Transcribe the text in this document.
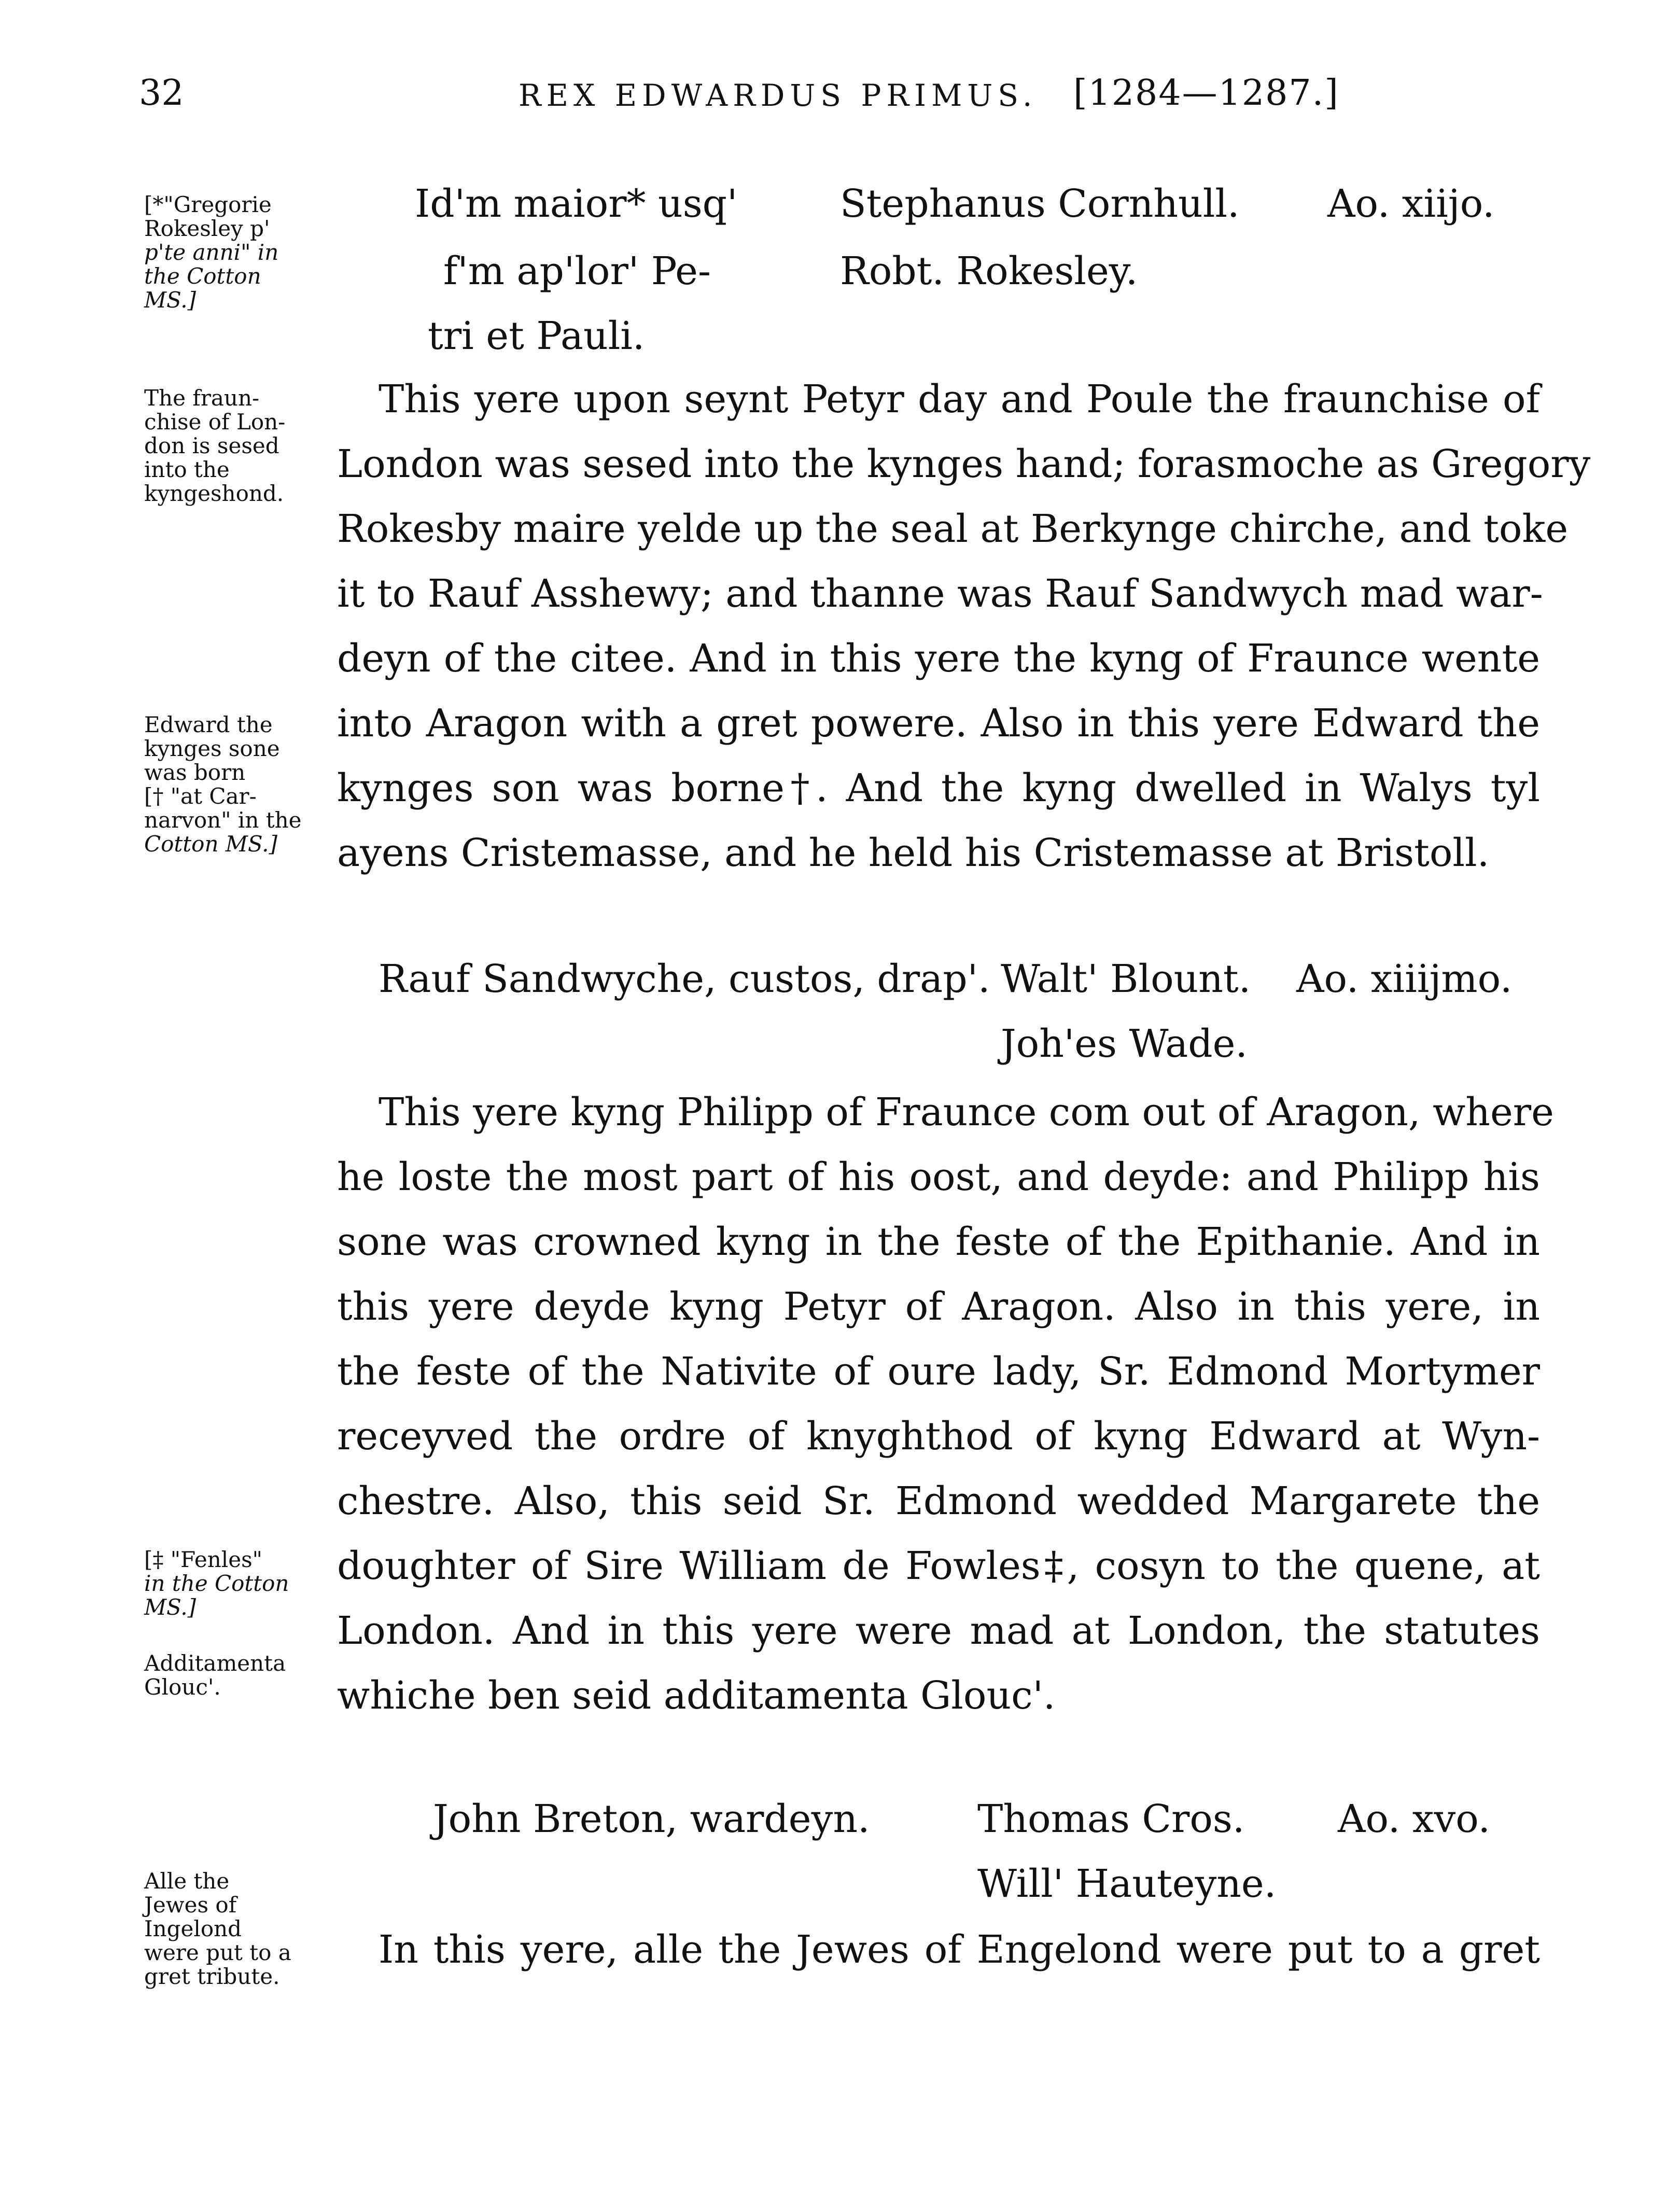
32	REX EDWARDUS PRIMUS. [1284—1287.]
[*"Gregorie
Rokesley p'
p'te anni" in
the Cotton
MS.]
The fraun-
chise of Lon-
don is sesed
into the
kyngeshond.
Edward the
kynges sone
was born
[† "at Car-
narvon" in the
Cotton MS.]
Id'm maior* usq'
f'm ap'lor' Pe-
tri et Pauli.
Stephanus Cornhull.
Robt. Rokesley.
Ao. xiijo.
This yere upon seynt Petyr day and Poule the fraunchise of
London was sesed into the kynges hand; forasmoche as Gregory
Rokesby maire yelde up the seal at Berkynge chirche, and toke
it to Rauf Asshewy; and thanne was Rauf Sandwych mad war-
deyn of the citee. And in this yere the kyng of Fraunce wente
into Aragon with a gret powere. Also in this yere Edward the
kynges son was borne†. And the kyng dwelled in Walys tyl
ayens Cristemasse, and he held his Cristemasse at Bristoll.
Rauf Sandwyche, custos, drap'. Walt' Blount.
Joh'es Wade.
Ao. xiiijmo.
[‡ "Fenles"
in the Cotton
MS.]
Additamenta
Glouc'.
This yere kyng Philipp of Fraunce com out of Aragon, where
he loste the most part of his oost, and deyde: and Philipp his
sone was crowned kyng in the feste of the Epithanie. And in
this yere deyde kyng Petyr of Aragon. Also in this yere, in
the feste of the Nativite of oure lady, Sr. Edmond Mortymer
receyved the ordre of knyghthod of kyng Edward at Wyn-
chestre. Also, this seid Sr. Edmond wedded Margarete the
doughter of Sire William de Fowles‡, cosyn to the quene, at
London. And in this yere were mad at London, the statutes
whiche ben seid additamenta Glouc'.
John Breton, wardeyn.	Thomas Cros.
Will' Hauteyne.
Ao. xvo.
Alle the
Jewes of
Ingelond
were put to a
gret tribute.
In this yere, alle the Jewes of Engelond were put to a gret
